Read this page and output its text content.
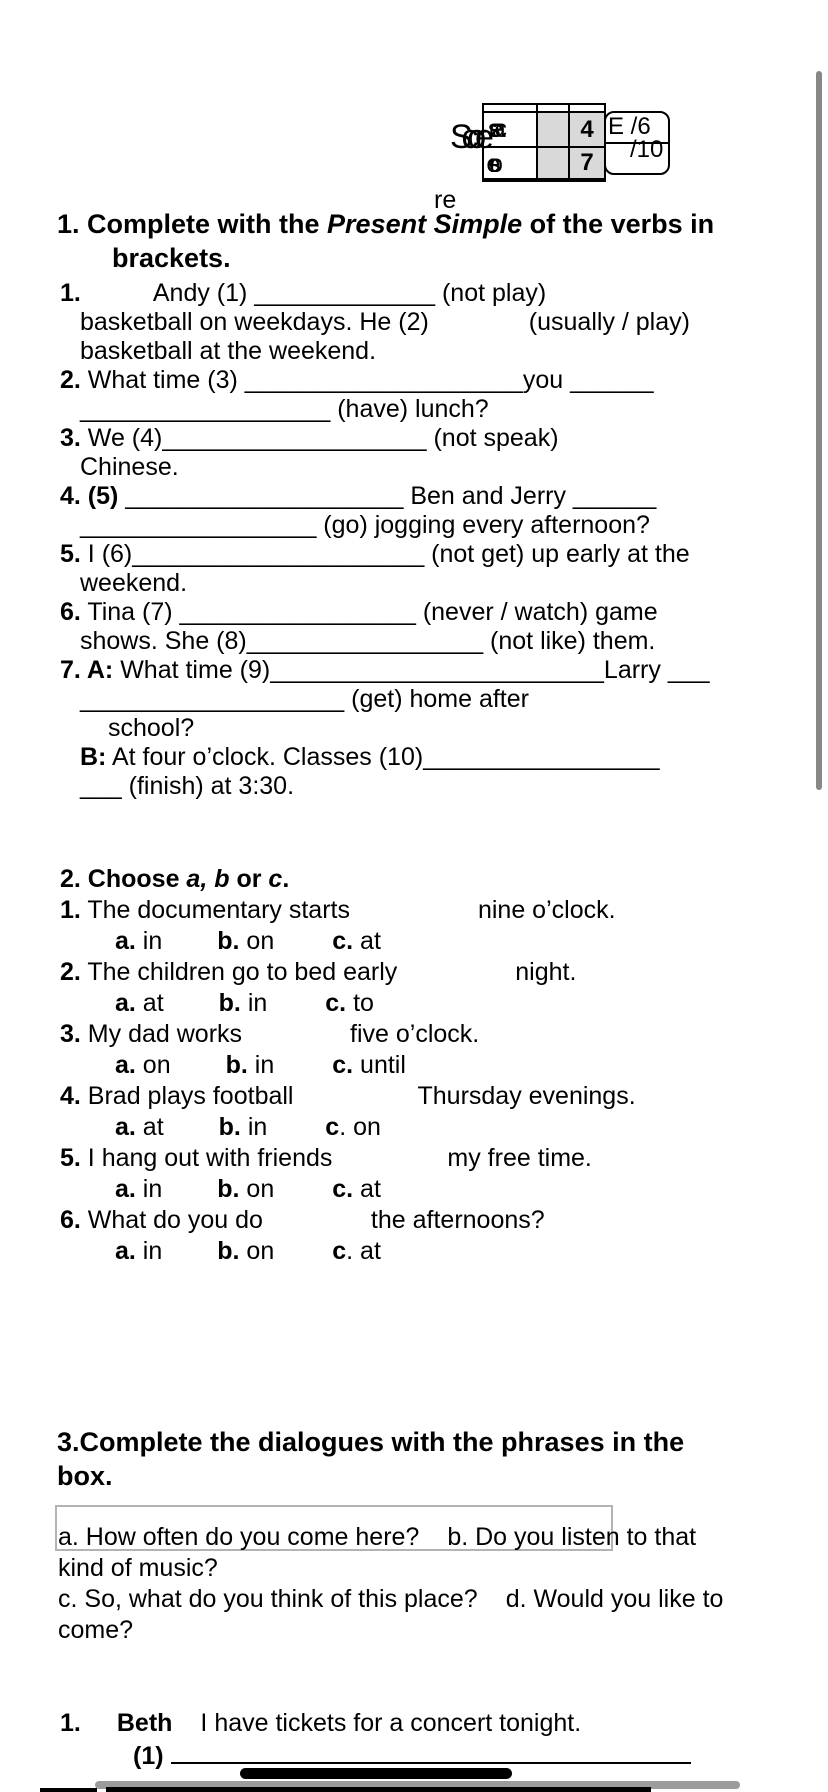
seac	4
sreo	7
Score
re
E /6
/10
1. Complete with the Present Simple of the verbs in
brackets.
1.	Andy (1) _____________ (not play)
basketball on weekdays. He (2)	(usually / play)
basketball at the weekend.
2. What time (3) ____________________you ______
__________________ (have) lunch?
3. We (4)___________________ (not speak)
Chinese.
4. (5) ____________________ Ben and Jerry ______
_________________ (go) jogging every afternoon?
5. I (6)_____________________ (not get) up early at the
weekend.
6. Tina (7) _________________ (never / watch) game
shows. She (8)_________________ (not like) them.
7. A: What time (9)________________________Larry ___
___________________ (get) home after
school?
B: At four o’clock. Classes (10)_________________
___ (finish) at 3:30.
2. Choose a, b or c.
1. The documentary starts	nine o’clock.
a. in b. on c. at
2. The children go to bed early	night.
a. at b. in c. to
3. My dad works	five o’clock.
a. on b. in c. until
4. Brad plays football	Thursday evenings.
a. at b. in c. on
5. I hang out with friends	my free time.
a. in b. on c. at
6. What do you do	the afternoons?
a. in b. on c. at
3.Complete the dialogues with the phrases in the
box.
a. How often do you come here? b. Do you listen to that
kind of music?
c. So, what do you think of this place? d. Would you like to
come?
1. Beth I have tickets for a concert tonight.
(1)
